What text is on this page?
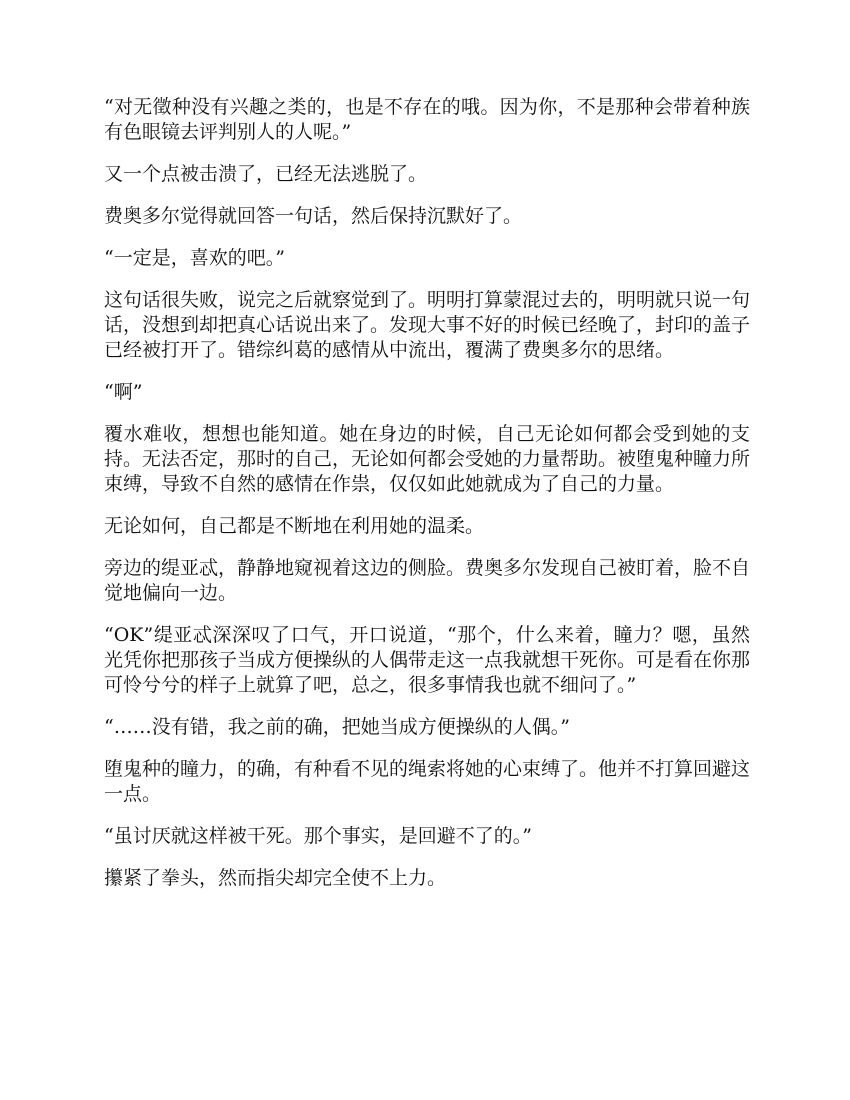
“对无徵种没有兴趣之类的，也是不存在的哦。因为你，不是那种会带着种族有色眼镜去评判别人的人呢。”

又一个点被击溃了，已经无法逃脱了。

费奥多尔觉得就回答一句话，然后保持沉默好了。

“一定是，喜欢的吧。”

这句话很失败，说完之后就察觉到了。明明打算蒙混过去的，明明就只说一句话，没想到却把真心话说出来了。发现大事不好的时候已经晚了，封印的盖子已经被打开了。错综纠葛的感情从中流出，覆满了费奥多尔的思绪。

“啊”

覆水难收，想想也能知道。她在身边的时候，自己无论如何都会受到她的支持。无法否定，那时的自己，无论如何都会受她的力量帮助。被堕鬼种瞳力所束缚，导致不自然的感情在作祟，仅仅如此她就成为了自己的力量。

无论如何，自己都是不断地在利用她的温柔。

旁边的缇亚忒，静静地窥视着这边的侧脸。费奥多尔发现自己被盯着，脸不自觉地偏向一边。

“OK”缇亚忒深深叹了口气，开口说道，“那个，什么来着，瞳力？嗯，虽然光凭你把那孩子当成方便操纵的人偶带走这一点我就想干死你。可是看在你那可怜兮兮的样子上就算了吧，总之，很多事情我也就不细问了。”

“……没有错，我之前的确，把她当成方便操纵的人偶。”

堕鬼种的瞳力，的确，有种看不见的绳索将她的心束缚了。他并不打算回避这一点。

“虽讨厌就这样被干死。那个事实，是回避不了的。”

攥紧了拳头，然而指尖却完全使不上力。
